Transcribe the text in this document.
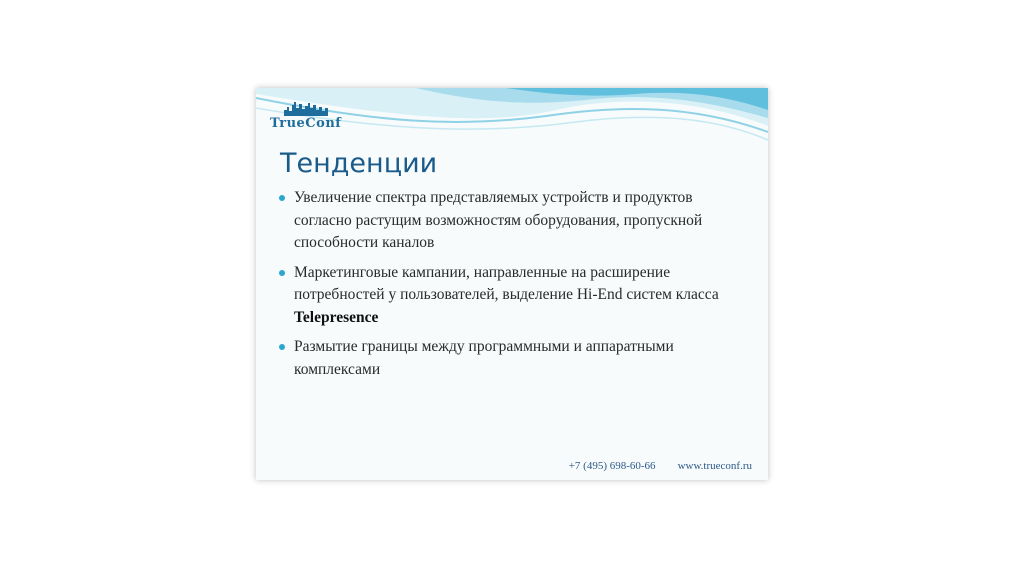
TrueConf
Тенденции
Увеличение спектра представляемых устройств и продуктов согласно растущим возможностям оборудования, пропускной способности каналов
Маркетинговые кампании, направленные на расширение потребностей у пользователей, выделение Hi-End систем класса Telepresence
Размытие границы между программными и аппаратными комплексами
+7 (495) 698-60-66 www.trueconf.ru
